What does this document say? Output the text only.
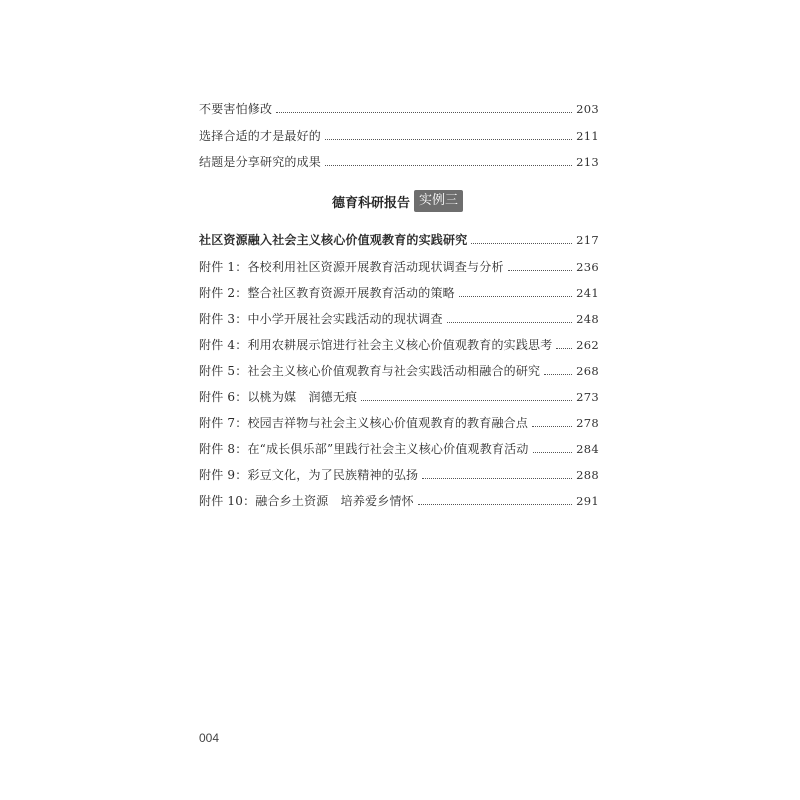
不要害怕修改	203
选择合适的才是最好的	211
结题是分享研究的成果	213
德育科研报告 实例三
社区资源融入社会主义核心价值观教育的实践研究	217
附件 1：各校利用社区资源开展教育活动现状调查与分析	236
附件 2：整合社区教育资源开展教育活动的策略	241
附件 3：中小学开展社会实践活动的现状调查	248
附件 4：利用农耕展示馆进行社会主义核心价值观教育的实践思考 262
附件 5：社会主义核心价值观教育与社会实践活动相融合的研究	268
附件 6：以桃为媒　润德无痕	273
附件 7：校园吉祥物与社会主义核心价值观教育的教育融合点	278
附件 8：在“成长俱乐部”里践行社会主义核心价值观教育活动	284
附件 9：彩豆文化，为了民族精神的弘扬	288
附件 10：融合乡土资源　培养爱乡情怀	291
004
